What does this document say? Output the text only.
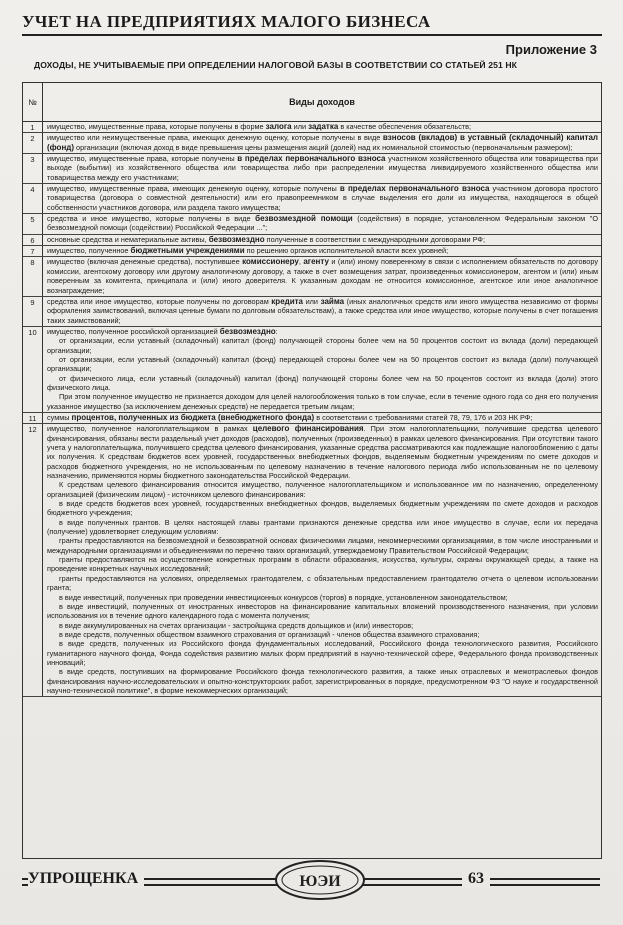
УЧЕТ НА ПРЕДПРИЯТИЯХ МАЛОГО БИЗНЕСА
Приложение 3
ДОХОДЫ, НЕ УЧИТЫВАЕМЫЕ ПРИ ОПРЕДЕЛЕНИИ НАЛОГОВОЙ БАЗЫ В СООТВЕТСТВИИ СО СТАТЬЕЙ 251 НК
№	Виды доходов
1	имущество, имущественные права, которые получены в форме залога или задатка в качестве обеспечения обязательств;

2	имущество или неимущественные права, имеющих денежную оценку, которые получены в виде взносов (вкладов) в уставный (складочный) капитал (фонд) организации (включая доход в виде превышения цены размещения акций (долей) над их номинальной стоимостью (первоначальным размером);

3	имущество, имущественные права, которые получены в пределах первоначального взноса участником хозяйственного общества или товарищества при выходе (выбытии) из хозяйственного общества или товарищества либо при распределении имущества ликвидируемого хозяйственного общества или товарищества между его участниками;

4	имущество, имущественные права, имеющих денежную оценку, которые получены в пределах первоначального взноса участником договора простого товарищества (договора о совместной деятельности) или его правопреемником в случае выделения его доли из имущества, находящегося в общей собственности участников договора, или раздела такого имущества;

5	средства и иное имущество, которые получены в виде безвозмездной помощи (содействия) в порядке, установленном Федеральным законом "О безвозмездной помощи (содействии) Российской Федерации ...";

6	основные средства и нематериальные активы, безвозмездно полученные в соответствии с международными договорами РФ;

7	имущество, полученное бюджетными учреждениями по решению органов исполнительной власти всех уровней;

8	имущество (включая денежные средства), поступившее комиссионеру, агенту и (или) иному поверенному в связи с исполнением обязательств по договору комиссии, агентскому договору или другому аналогичному договору, а также в счет возмещения затрат, произведенных комиссионером, агентом и (или) иным поверенным за комитента, принципала и (или) иного доверителя. К указанным доходам не относится комиссионное, агентское или иное аналогичное вознаграждение;

9	средства или иное имущество, которые получены по договорам кредита или займа (иных аналогичных средств или иного имущества независимо от формы оформления заимствований, включая ценные бумаги по долговым обязательствам), а также средства или иное имущество, которые получены в счет погашения таких заимствований;

10	имущество, полученное российской организацией безвозмездно:

от организации, если уставный (складочный) капитал (фонд) получающей стороны более чем на 50 процентов состоит из вклада (доли) передающей организации;

от организации, если уставный (складочный) капитал (фонд) передающей стороны более чем на 50 процентов состоит из вклада (доли) получающей организации;

от физического лица, если уставный (складочный) капитал (фонд) получающей стороны более чем на 50 процентов состоит из вклада (доли) этого физического лица.

При этом полученное имущество не признается доходом для целей налогообложения только в том случае, если в течение одного года со дня его получения указанное имущество (за исключением денежных средств) не передается третьим лицам;

11	суммы процентов, полученных из бюджета (внебюджетного фонда) в соответствии с требованиями статей 78, 79, 176 и 203 НК РФ;

12	имущество, полученное налогоплательщиком в рамках целевого финансирования. При этом налогоплательщики, получившие средства целевого финансирования, обязаны вести раздельный учет доходов (расходов), полученных (произведенных) в рамках целевого финансирования. При отсутствии такого учета у налогоплательщика, получившего средства целевого финансирования, указанные средства рассматриваются как подлежащие налогообложению с даты их получения. К средствам бюджетов всех уровней, государственных внебюджетных фондов, выделяемым бюджетным учреждениям по смете доходов и расходов бюджетного учреждения, но не использованным по целевому назначению в течение налогового периода либо использованным не по целевому назначению, применяются нормы бюджетного законодательства Российской Федерации.

К средствам целевого финансирования относится имущество, полученное налогоплательщиком и использованное им по назначению, определенному организацией (физическим лицом) - источником целевого финансирования:

в виде средств бюджетов всех уровней, государственных внебюджетных фондов, выделяемых бюджетным учреждениям по смете доходов и расходов бюджетного учреждения;

в виде полученных грантов. В целях настоящей главы грантами признаются денежные средства или иное имущество в случае, если их передача (получение) удовлетворяет следующим условиям:

гранты предоставляются на безвозмездной и безвозвратной основах физическими лицами, некоммерческими организациями, в том числе иностранными и международными организациями и объединениями по перечню таких организаций, утверждаемому Правительством Российской Федерации;

гранты предоставляются на осуществление конкретных программ в области образования, искусства, культуры, охраны окружающей среды, а также на проведение конкретных научных исследований;

гранты предоставляются на условиях, определяемых грантодателем, с обязательным предоставлением грантодателю отчета о целевом использовании гранта;

в виде инвестиций, полученных при проведении инвестиционных конкурсов (торгов) в порядке, установленном законодательством;

в виде инвестиций, полученных от иностранных инвесторов на финансирование капитальных вложений производственного назначения, при условии использования их в течение одного календарного года с момента получения;

в виде аккумулированных на счетах организации - застройщика средств дольщиков и (или) инвесторов;

в виде средств, полученных обществом взаимного страхования от организаций - членов общества взаимного страхования;

в виде средств, полученных из Российского фонда фундаментальных исследований, Российского фонда технологического развития, Российского гуманитарного научного фонда, Фонда содействия развитию малых форм предприятий в научно-технической сфере, Федерального фонда производственных инноваций;

в виде средств, поступивших на формирование Российского фонда технологического развития, а также иных отраслевых и межотраслевых фондов финансирования научно-исследовательских и опытно-конструкторских работ, зарегистрированных в порядке, предусмотренном ФЗ "О науке и государственной научно-технической политике", в форме некоммерческих организаций;

УПРОЩЕНКА	ЮЭИ	63
